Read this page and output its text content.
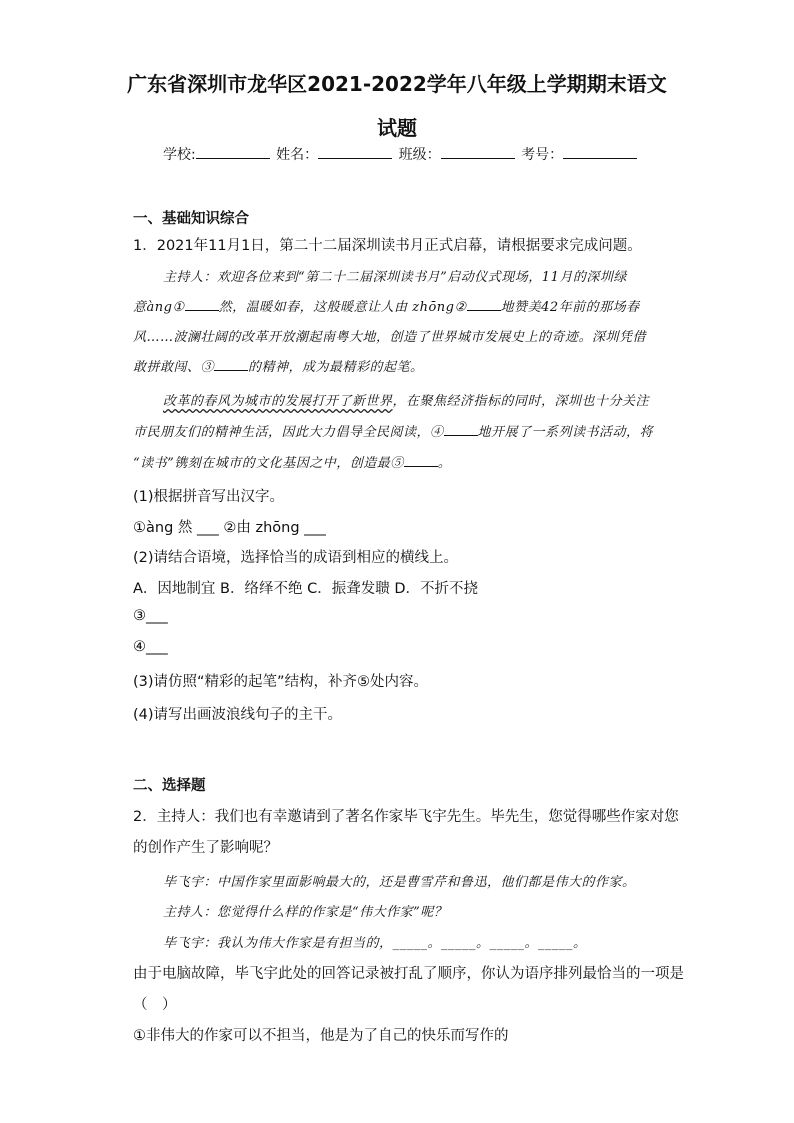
广东省深圳市龙华区2021-2022学年八年级上学期期末语文
试题
学校:	姓名：	班级：	考号：
一、基础知识综合
1．2021年11月1日，第二十二届深圳读书月正式启幕，请根据要求完成问题。
主持人：欢迎各位来到“第二十二届深圳读书月”启动仪式现场，11月的深圳绿
意àng①	然，温暖如春，这般暖意让人由 zhōng②	地赞美42年前的那场春
风……波澜壮阔的改革开放潮起南粤大地，创造了世界城市发展史上的奇迹。深圳凭借
敢拼敢闯、③	的精神，成为最精彩的起笔。
改革的春风为城市的发展打开了新世界，在聚焦经济指标的同时，深圳也十分关注
市民朋友们的精神生活，因此大力倡导全民阅读，④	地开展了一系列读书活动，将
“读书”镌刻在城市的文化基因之中，创造最⑤	。
(1)根据拼音写出汉字。
①àng 然 ___ ②由 zhōng ___
(2)请结合语境，选择恰当的成语到相应的横线上。
A．因地制宜 B．络绎不绝 C．振聋发聩 D．不折不挠
③___
④___
(3)请仿照“精彩的起笔”结构，补齐⑤处内容。
(4)请写出画波浪线句子的主干。
二、选择题
2．主持人：我们也有幸邀请到了著名作家毕飞宇先生。毕先生，您觉得哪些作家对您
的创作产生了影响呢？
毕飞宇：中国作家里面影响最大的，还是曹雪芹和鲁迅，他们都是伟大的作家。
主持人：您觉得什么样的作家是“伟大作家”呢？
毕飞宇：我认为伟大作家是有担当的，_____。_____。_____。_____。
由于电脑故障，毕飞宇此处的回答记录被打乱了顺序，你认为语序排列最恰当的一项是
（　）
①非伟大的作家可以不担当，他是为了自己的快乐而写作的
